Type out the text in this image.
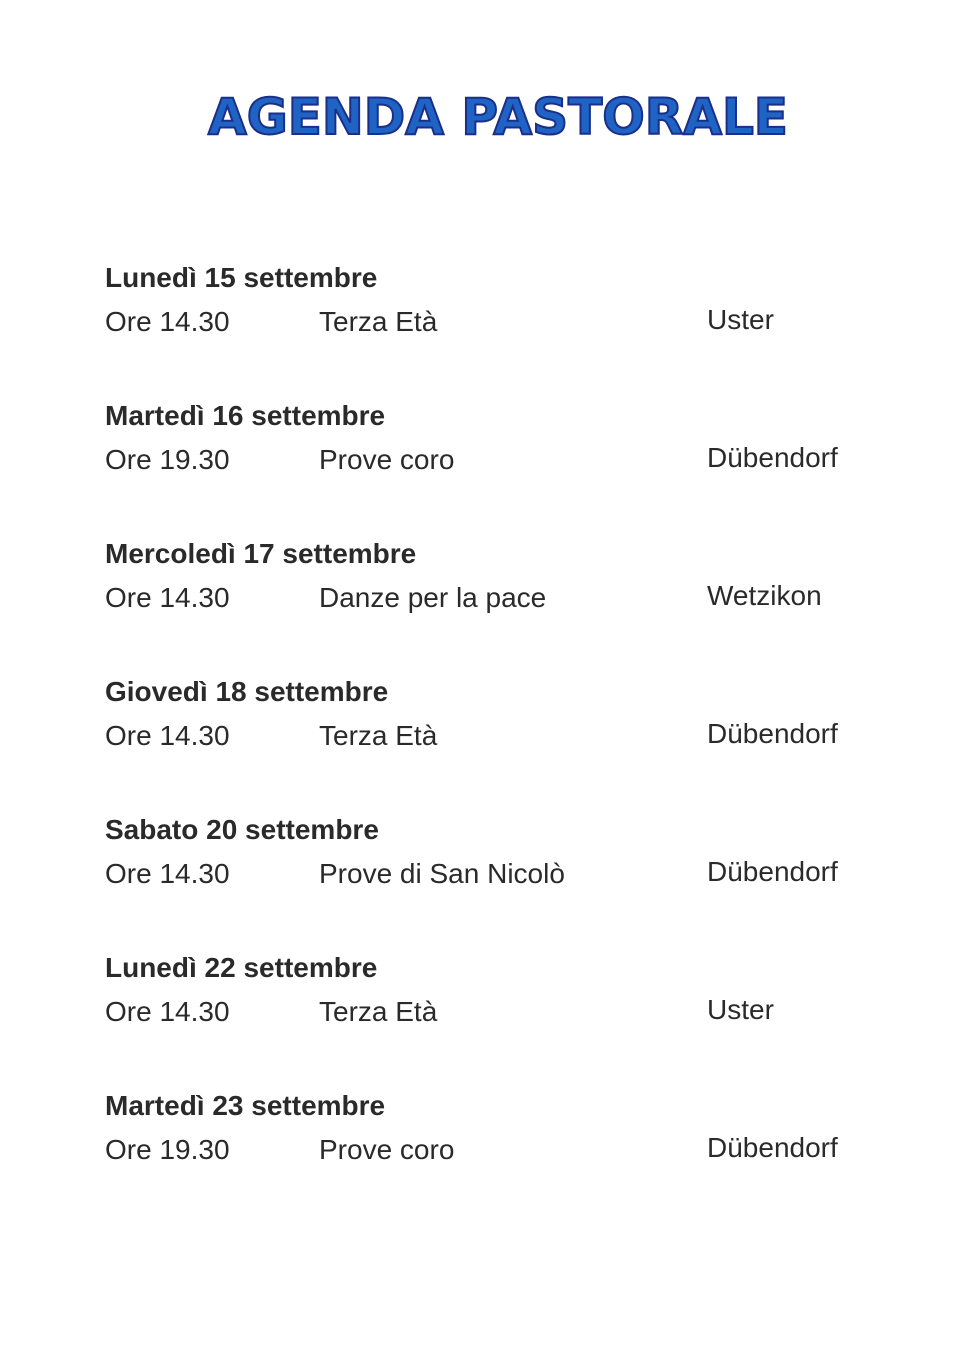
AGENDA PASTORALE
Lunedì 15 settembre
Ore 14.30	Terza Età	Uster
Martedì 16 settembre
Ore 19.30	Prove coro	Dübendorf
Mercoledì 17 settembre
Ore 14.30	Danze per la pace	Wetzikon
Giovedì 18 settembre
Ore 14.30	Terza Età	Dübendorf
Sabato 20 settembre
Ore 14.30	Prove di San Nicolò	Dübendorf
Lunedì 22 settembre
Ore 14.30	Terza Età	Uster
Martedì 23 settembre
Ore 19.30	Prove coro	Dübendorf
